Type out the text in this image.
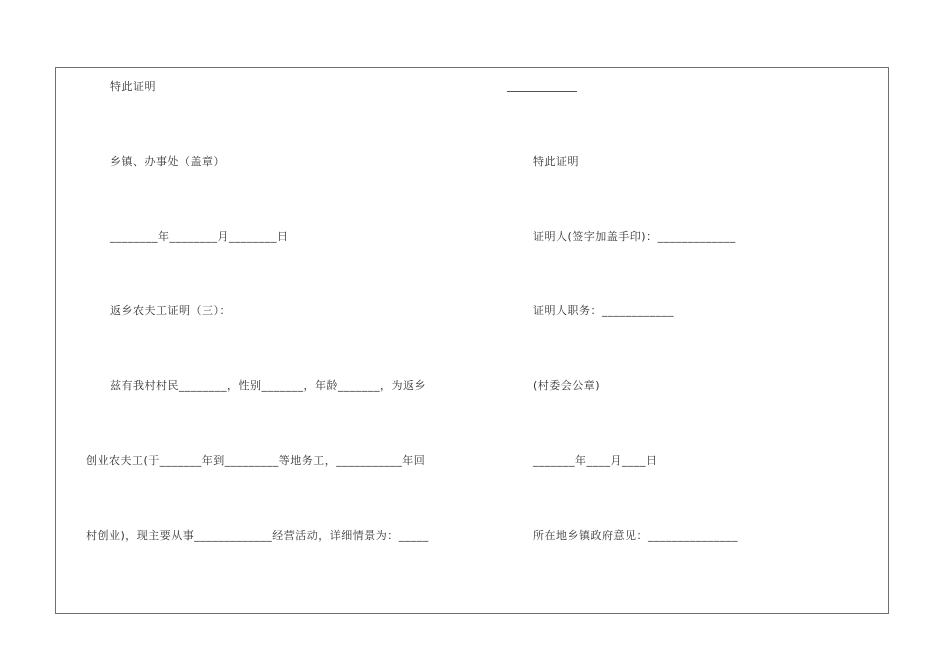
特此证明
乡镇、办事处（盖章）
________年________月________日
返乡农夫工证明（三）：
兹有我村村民________，性别_______，年龄_______，为返乡
创业农夫工(于_______年到_________等地务工，___________年回
村创业)，现主要从事_____________经营活动，详细情景为：_____
特此证明
证明人(签字加盖手印)：_____________
证明人职务：____________
(村委会公章)
_______年____月____日
所在地乡镇政府意见：_______________
